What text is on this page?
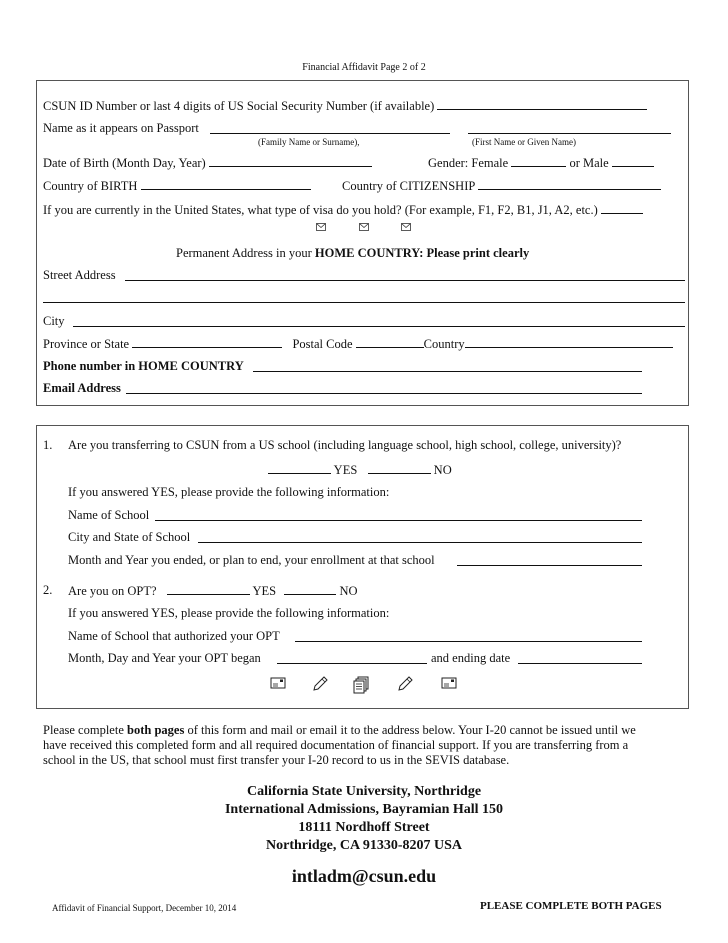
Financial Affidavit Page 2 of 2
CSUN ID Number or last 4 digits of US Social Security Number (if available)
Name as it appears on Passport
(Family Name or Surname),	(First Name or Given Name)
Date of Birth (Month Day, Year)	Gender: Female	or Male
Country of BIRTH	Country of CITIZENSHIP
If you are currently in the United States, what type of visa do you hold? (For example, F1, F2, B1, J1, A2, etc.)
Permanent Address in your HOME COUNTRY: Please print clearly
Street Address
City
Province or State	Postal Code	Country
Phone number in HOME COUNTRY
Email Address
1. Are you transferring to CSUN from a US school (including language school, high school, college, university)?
YES	NO
If you answered YES, please provide the following information:
Name of School
City and State of School
Month and Year you ended, or plan to end, your enrollment at that school
2. Are you on OPT?	YES	NO
If you answered YES, please provide the following information:
Name of School that authorized your OPT
Month, Day and Year your OPT began	and ending date
Please complete both pages of this form and mail or email it to the address below. Your I-20 cannot be issued until we
have received this completed form and all required documentation of financial support. If you are transferring from a
school in the US, that school must first transfer your I-20 record to us in the SEVIS database.
California State University, Northridge
International Admissions, Bayramian Hall 150
18111 Nordhoff Street
Northridge, CA 91330-8207 USA
intladm@csun.edu
Affidavit of Financial Support, December 10, 2014	PLEASE COMPLETE BOTH PAGES
